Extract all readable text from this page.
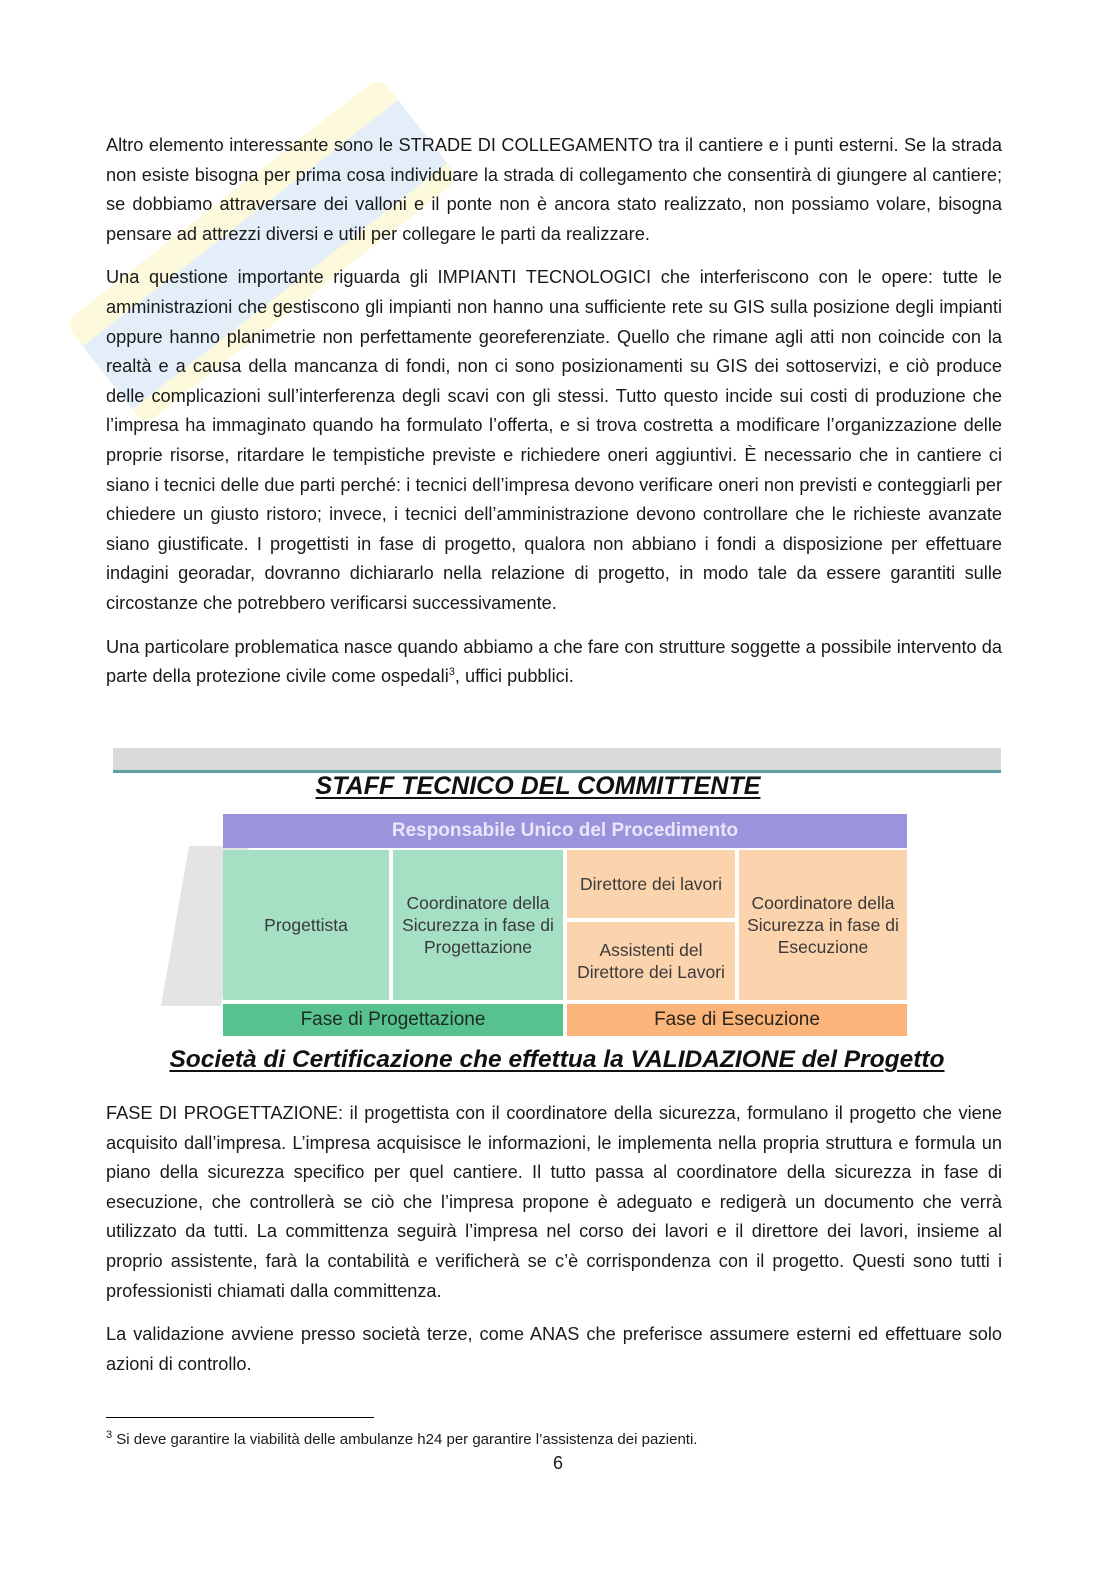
Altro elemento interessante sono le STRADE DI COLLEGAMENTO tra il cantiere e i punti esterni. Se la strada non esiste bisogna per prima cosa individuare la strada di collegamento che consentirà di giungere al cantiere; se dobbiamo attraversare dei valloni e il ponte non è ancora stato realizzato, non possiamo volare, bisogna pensare ad attrezzi diversi e utili per collegare le parti da realizzare.

Una questione importante riguarda gli IMPIANTI TECNOLOGICI che interferiscono con le opere: tutte le amministrazioni che gestiscono gli impianti non hanno una sufficiente rete su GIS sulla posizione degli impianti oppure hanno planimetrie non perfettamente georeferenziate. Quello che rimane agli atti non coincide con la realtà e a causa della mancanza di fondi, non ci sono posizionamenti su GIS dei sottoservizi, e ciò produce delle complicazioni sull’interferenza degli scavi con gli stessi. Tutto questo incide sui costi di produzione che l’impresa ha immaginato quando ha formulato l’offerta, e si trova costretta a modificare l’organizzazione delle proprie risorse, ritardare le tempistiche previste e richiedere oneri aggiuntivi. È necessario che in cantiere ci siano i tecnici delle due parti perché: i tecnici dell’impresa devono verificare oneri non previsti e conteggiarli per chiedere un giusto ristoro; invece, i tecnici dell’amministrazione devono controllare che le richieste avanzate siano giustificate. I progettisti in fase di progetto, qualora non abbiano i fondi a disposizione per effettuare indagini georadar, dovranno dichiararlo nella relazione di progetto, in modo tale da essere garantiti sulle circostanze che potrebbero verificarsi successivamente.

Una particolare problematica nasce quando abbiamo a che fare con strutture soggette a possibile intervento da parte della protezione civile come ospedali$^3$, uffici pubblici.

STAFF TECNICO DEL COMMITTENTE
Responsabile Unico del Procedimento
Progettista
Coordinatore della Sicurezza in fase di Progettazione
Direttore dei lavori
Assistenti del Direttore dei Lavori
Coordinatore della Sicurezza in fase di Esecuzione
Fase di Progettazione	Fase di Esecuzione
Società di Certificazione che effettua la VALIDAZIONE del Progetto

FASE DI PROGETTAZIONE: il progettista con il coordinatore della sicurezza, formulano il progetto che viene acquisito dall’impresa. L’impresa acquisisce le informazioni, le implementa nella propria struttura e formula un piano della sicurezza specifico per quel cantiere. Il tutto passa al coordinatore della sicurezza in fase di esecuzione, che controllerà se ciò che l’impresa propone è adeguato e redigerà un documento che verrà utilizzato da tutti. La committenza seguirà l’impresa nel corso dei lavori e il direttore dei lavori, insieme al proprio assistente, farà la contabilità e verificherà se c’è corrispondenza con il progetto. Questi sono tutti i professionisti chiamati dalla committenza.

La validazione avviene presso società terze, come ANAS che preferisce assumere esterni ed effettuare solo azioni di controllo.

$^3$ Si deve garantire la viabilità delle ambulanze h24 per garantire l’assistenza dei pazienti.
6
